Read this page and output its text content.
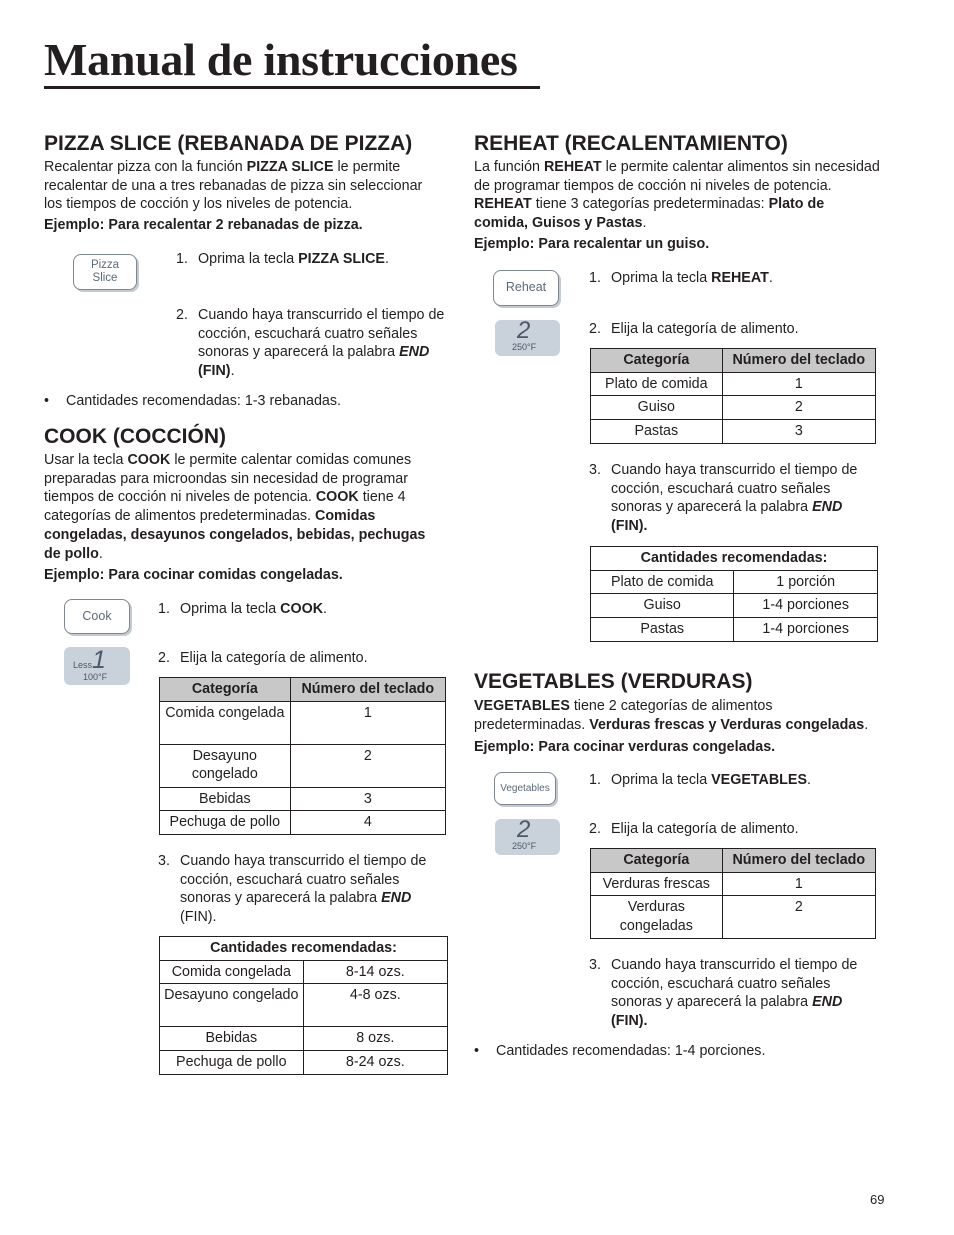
Manual de instrucciones
PIZZA SLICE (REBANADA DE PIZZA)

Recalentar pizza con la función PIZZA SLICE le permite recalentar de una a tres rebanadas de pizza sin seleccionar los tiempos de cocción y los niveles de potencia.

Ejemplo: Para recalentar 2 rebanadas de pizza.

Pizza
Slice

1. Oprima la tecla PIZZA SLICE.

2. Cuando haya transcurrido el tiempo de cocción, escuchará cuatro señales sonoras y aparecerá la palabra END (FIN).
•	Cantidades recomendadas: 1-3 rebanadas.
COOK (COCCIÓN)

Usar la tecla COOK le permite calentar comidas comunes preparadas para microondas sin necesidad de programar tiempos de cocción ni niveles de potencia. COOK tiene 4 categorías de alimentos predeterminadas. Comidas congeladas, desayunos congelados, bebidas, pechugas de pollo.

Ejemplo: Para cocinar comidas congeladas.

Cook
Less 1
100°F
1. Oprima la tecla COOK.
2. Elija la categoría de alimento.
Categoría	Número del teclado
Comida congelada	1
Desayuno congelado	2
Bebidas	3
Pechuga de pollo	4
3. Cuando haya transcurrido el tiempo de cocción, escuchará cuatro señales sonoras y aparecerá la palabra END (FIN).
Cantidades recomendadas:	
Comida congelada	8-14 ozs.
Desayuno congelado	4-8 ozs.
Bebidas	8 ozs.
Pechuga de pollo	8-24 ozs.
REHEAT (RECALENTAMIENTO)

La función REHEAT le permite calentar alimentos sin necesidad de programar tiempos de cocción ni niveles de potencia. REHEAT tiene 3 categorías predeterminadas: Plato de comida, Guisos y Pastas.

Ejemplo: Para recalentar un guiso.

Reheat
2
250°F
1. Oprima la tecla REHEAT.
2. Elija la categoría de alimento.
Categoría	Número del teclado
Plato de comida	1
Guiso	2
Pastas	3
3. Cuando haya transcurrido el tiempo de cocción, escuchará cuatro señales sonoras y aparecerá la palabra END (FIN).
Cantidades recomendadas:	
Plato de comida	1 porción
Guiso	1-4 porciones
Pastas	1-4 porciones
VEGETABLES (VERDURAS)

VEGETABLES tiene 2 categorías de alimentos predeterminadas. Verduras frescas y Verduras congeladas.

Ejemplo: Para cocinar verduras congeladas.

Vegetables
2
250°F
1. Oprima la tecla VEGETABLES.
2. Elija la categoría de alimento.
Categoría	Número del teclado
Verduras frescas	1
Verduras congeladas	2
3. Cuando haya transcurrido el tiempo de cocción, escuchará cuatro señales sonoras y aparecerá la palabra END (FIN).
•	Cantidades recomendadas: 1-4 porciones.
69
